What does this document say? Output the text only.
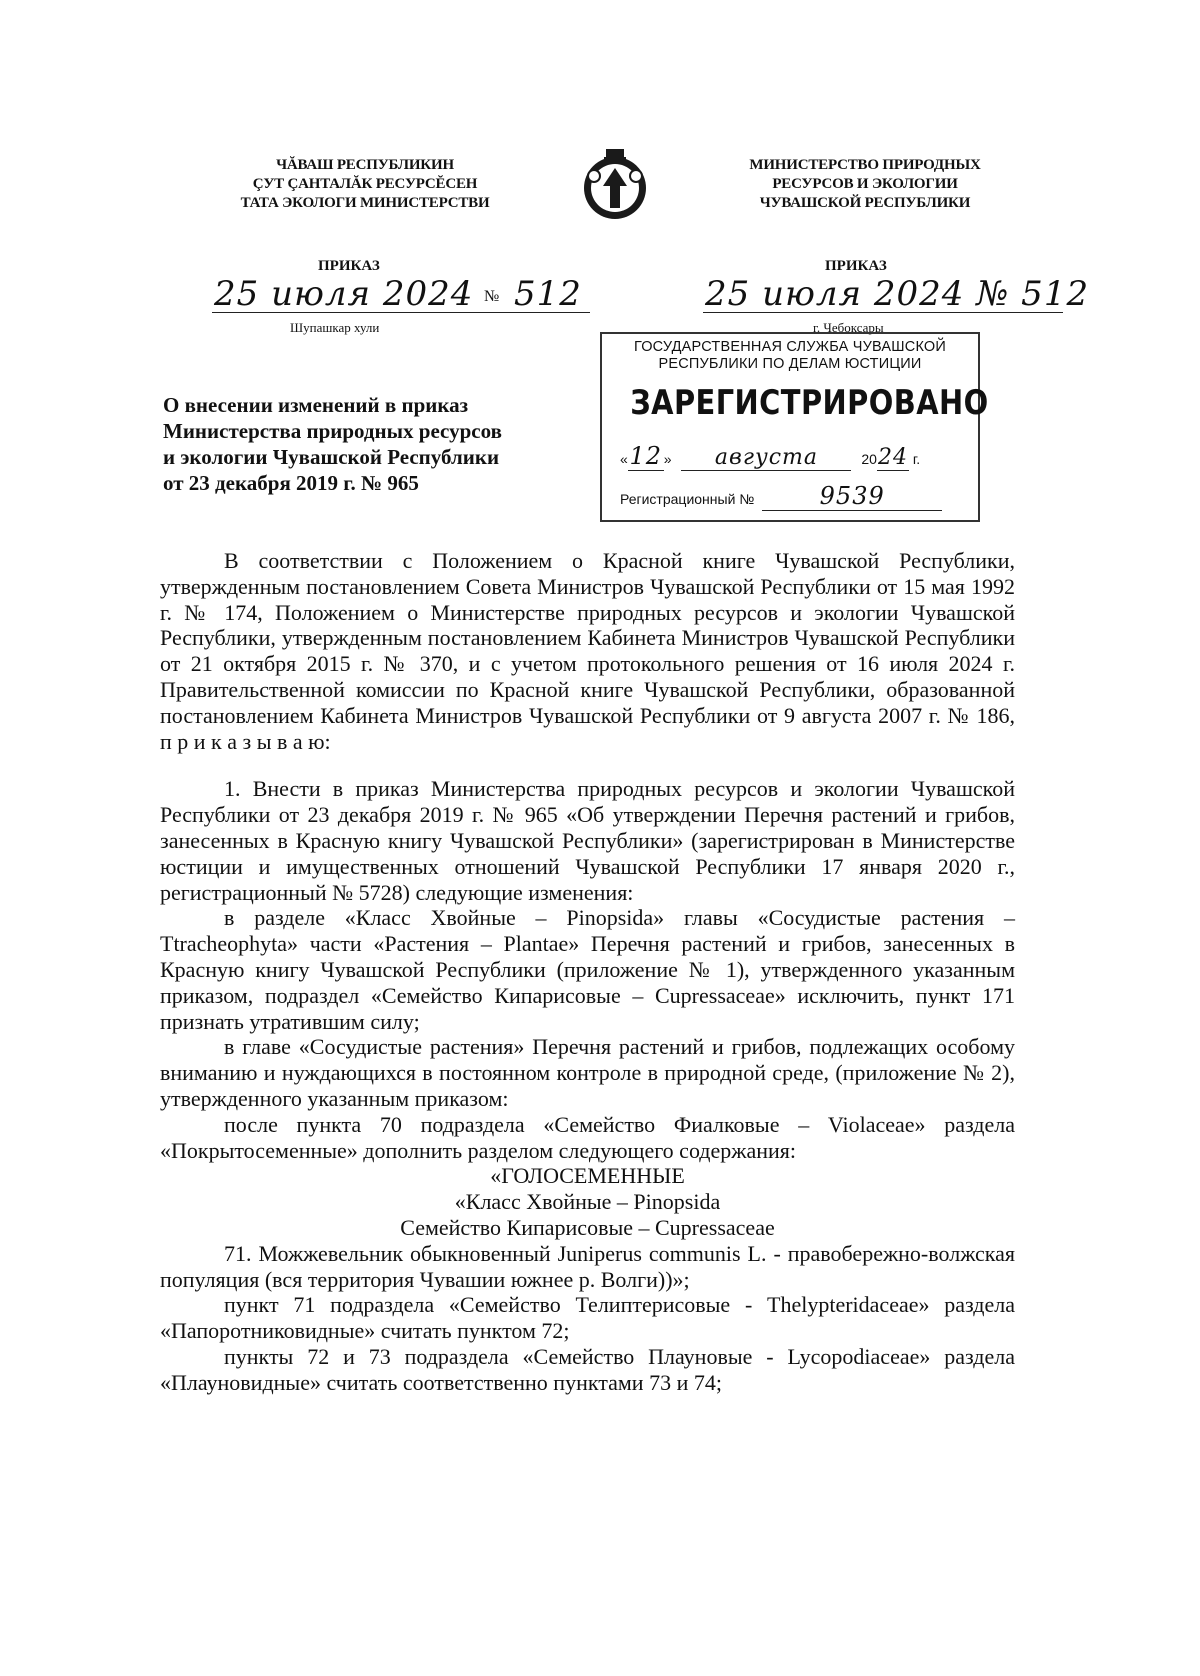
ЧĂВАШ РЕСПУБЛИКИН
ÇУТ ÇАНТАЛĂК РЕСУРСĔСЕН
ТАТА ЭКОЛОГИ МИНИСТЕРСТВИ
МИНИСТЕРСТВО ПРИРОДНЫХ
РЕСУРСОВ И ЭКОЛОГИИ
ЧУВАШСКОЙ РЕСПУБЛИКИ
ПРИКАЗ	ПРИКАЗ
25 июля 2024 № 512
Шупашкар хули
25 июля 2024 № 512
г. Чебоксары
ГОСУДАРСТВЕННАЯ СЛУЖБА ЧУВАШСКОЙ
РЕСПУБЛИКИ ПО ДЕЛАМ ЮСТИЦИИ
ЗАРЕГИСТРИРОВАНО
«12 » августа	2024 г.
Регистрационный №	9539
О внесении изменений в приказ
Министерства природных ресурсов
и экологии Чувашской Республики
от 23 декабря 2019 г. № 965

В соответствии с Положением о Красной книге Чувашской Республики, утвержденным постановлением Совета Министров Чувашской Республики от 15 мая 1992 г. № 174, Положением о Министерстве природных ресурсов и экологии Чувашской Республики, утвержденным постановлением Кабинета Министров Чувашской Республики от 21 октября 2015 г. № 370, и с учетом протокольного решения от 16 июля 2024 г. Правительственной комиссии по Красной книге Чувашской Республики, образованной постановлением Кабинета Министров Чувашской Республики от 9 августа 2007 г. № 186, п р и к а з ы в а ю:

1. Внести в приказ Министерства природных ресурсов и экологии Чувашской Республики от 23 декабря 2019 г. № 965 «Об утверждении Перечня растений и грибов, занесенных в Красную книгу Чувашской Республики» (зарегистрирован в Министерстве юстиции и имущественных отношений Чувашской Республики 17 января 2020 г., регистрационный № 5728) следующие изменения:

в разделе «Класс Хвойные – Pinopsida» главы «Сосудистые растения – Ttracheophyta» части «Растения – Plantae» Перечня растений и грибов, занесенных в Красную книгу Чувашской Республики (приложение № 1), утвержденного указанным приказом, подраздел «Семейство Кипарисовые – Cupressaceae» исключить, пункт 171 признать утратившим силу;

в главе «Сосудистые растения» Перечня растений и грибов, подлежащих особому вниманию и нуждающихся в постоянном контроле в природной среде, (приложение № 2), утвержденного указанным приказом:

после пункта 70 подраздела «Семейство Фиалковые – Violaceae» раздела «Покрытосеменные» дополнить разделом следующего содержания:

«ГОЛОСЕМЕННЫЕ

«Класс Хвойные – Pinopsida

Семейство Кипарисовые – Cupressaceae

71. Можжевельник обыкновенный Juniperus communis L. - правобережно-волжская популяция (вся территория Чувашии южнее р. Волги))»;

пункт 71 подраздела «Семейство Телиптерисовые - Thelypteridaceae» раздела «Папоротниковидные» считать пунктом 72;

пункты 72 и 73 подраздела «Семейство Плауновые - Lycopodiaceae» раздела «Плауновидные» считать соответственно пунктами 73 и 74;
